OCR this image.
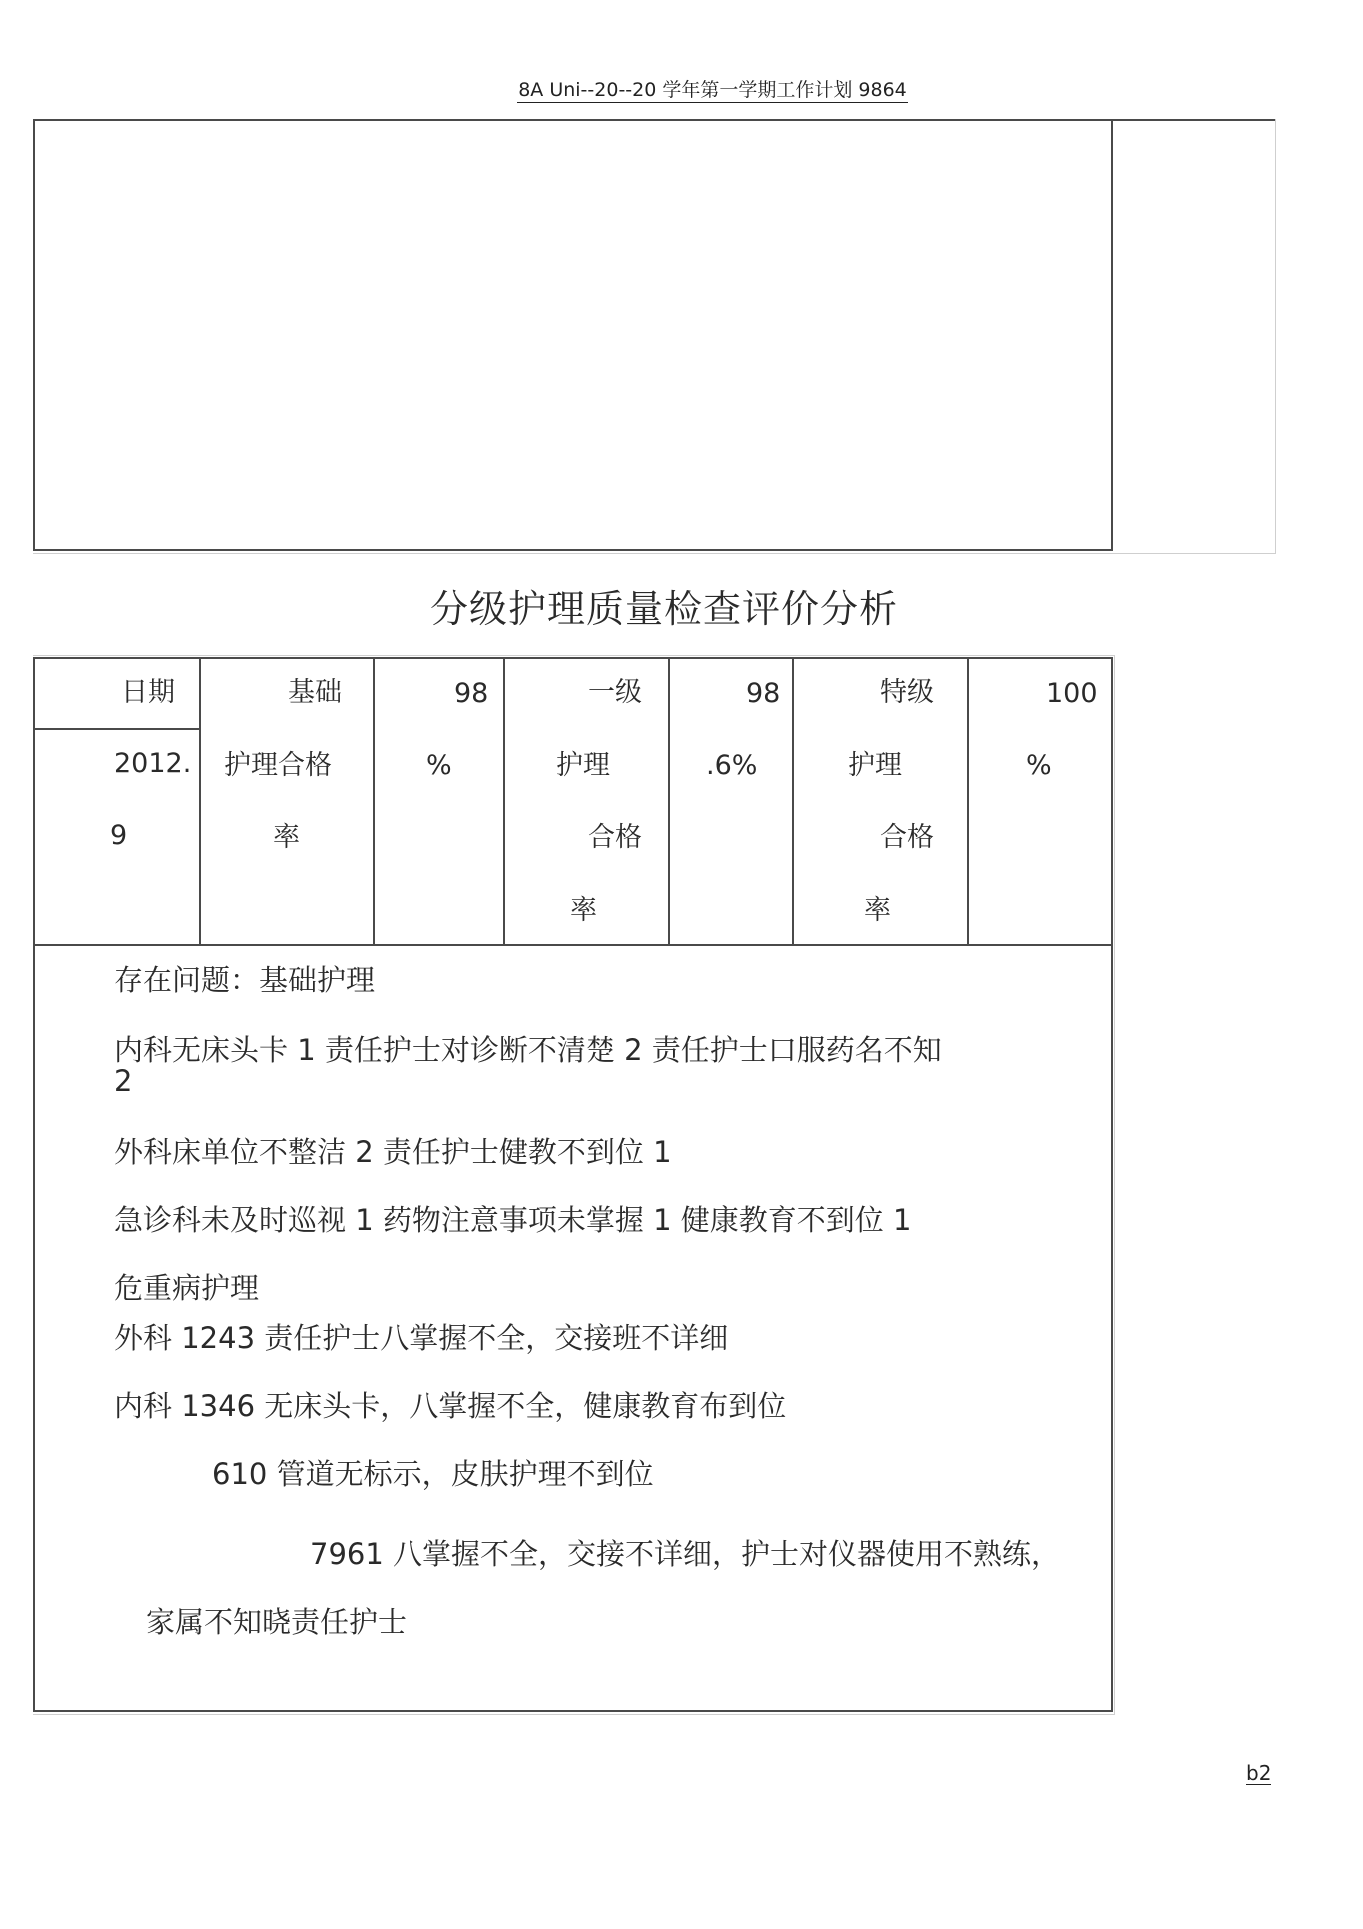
8A Uni--20--20 学年第一学期工作计划 9864
分级护理质量检查评价分析
日期
2012.
9
基础
护理合格
率
98
%
一级
护理
合格
率
98
.6%
特级
护理
合格
率
100
%
存在问题：基础护理
内科无床头卡 1 责任护士对诊断不清楚 2 责任护士口服药名不知
2
外科床单位不整洁 2 责任护士健教不到位 1
急诊科未及时巡视 1 药物注意事项未掌握 1 健康教育不到位 1
危重病护理
外科 1243 责任护士八掌握不全，交接班不详细
内科 1346 无床头卡，八掌握不全，健康教育布到位
610 管道无标示，皮肤护理不到位
7961 八掌握不全，交接不详细，护士对仪器使用不熟练，
家属不知晓责任护士
b2
